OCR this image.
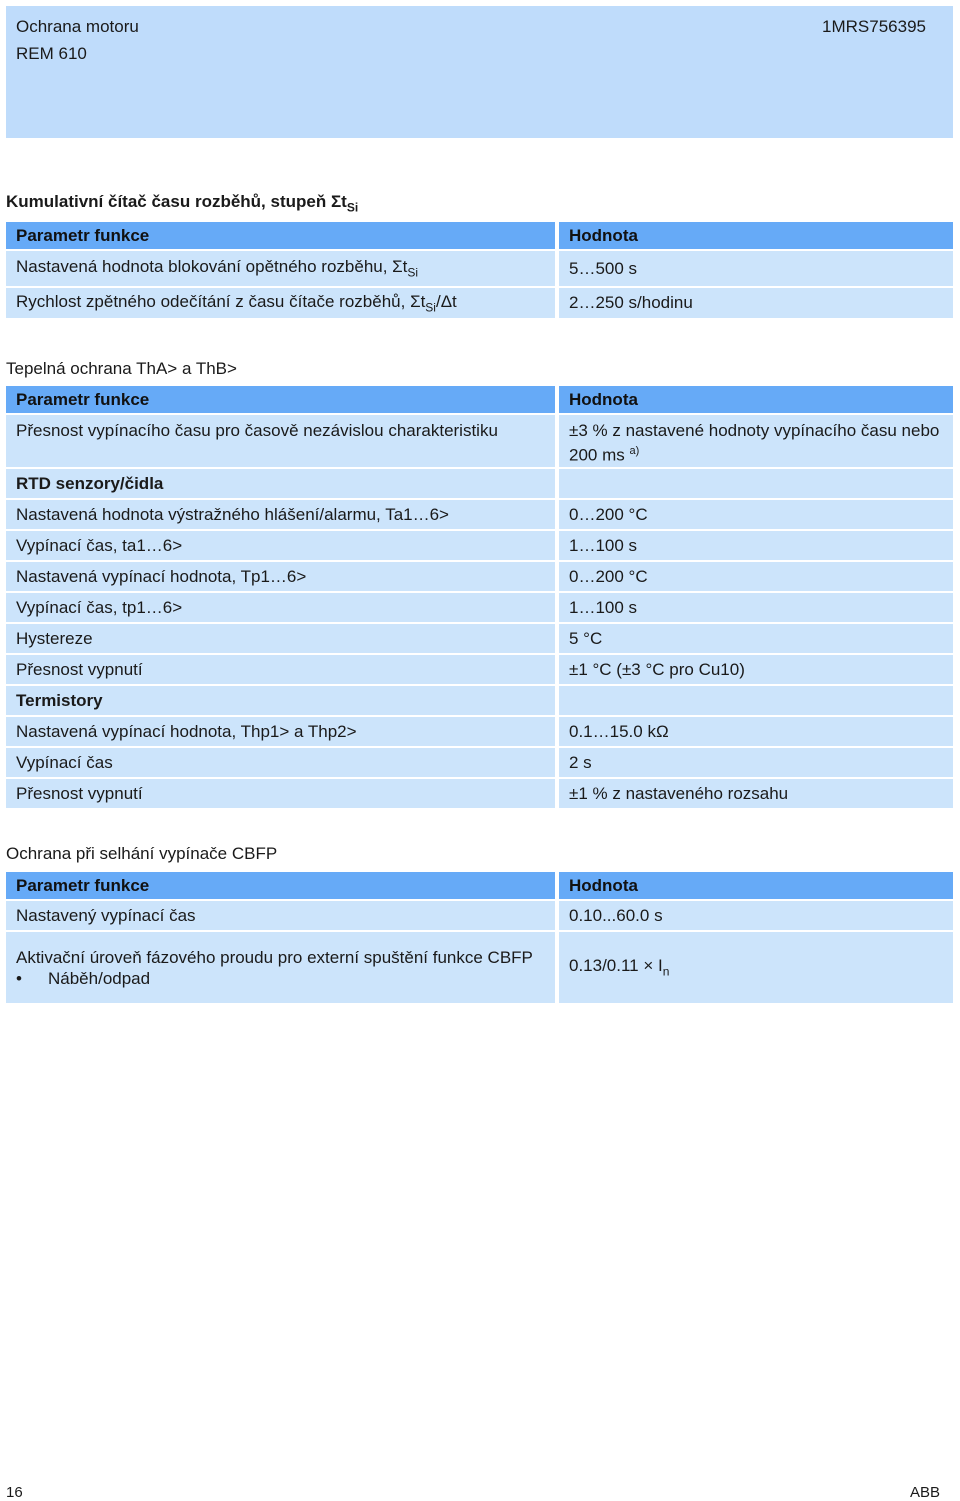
Ochrana motoru
REM 610
1MRS756395
Kumulativní čítač času rozběhů, stupeň $\Sigma t_{Si}$
Parametr funkce	Hodnota
Nastavená hodnota blokování opětného rozběhu, $\Sigma t_{Si}$	5…500 s
Rychlost zpětného odečítání z času čítače rozběhů, $\Sigma t_{Si}/\Delta t$	2…250 s/hodinu
Tepelná ochrana ThA> a ThB>
Parametr funkce	Hodnota
Přesnost vypínacího času pro časově nezávislou charakteristiku	±3 % z nastavené hodnoty vypínacího času nebo 200 ms $^{a)}$
RTD senzory/čidla	
Nastavená hodnota výstražného hlášení/alarmu, Ta1…6>	0…200 °C
Vypínací čas, ta1…6>	1…100 s
Nastavená vypínací hodnota, Tp1…6>	0…200 °C
Vypínací čas, tp1…6>	1…100 s
Hystereze	5 °C
Přesnost vypnutí	±1 °C (±3 °C pro Cu10)
Termistory	
Nastavená vypínací hodnota, Thp1> a Thp2>	0.1…15.0 kΩ
Vypínací čas	2 s
Přesnost vypnutí	±1 % z nastaveného rozsahu
Ochrana při selhání vypínače CBFP
Parametr funkce	Hodnota
Nastavený vypínací čas	0.10...60.0 s
Aktivační úroveň fázového proudu pro externí spuštění funkce CBFP
• Náběh/odpad	$0.13/0.11 \times I_n$
16	ABB
